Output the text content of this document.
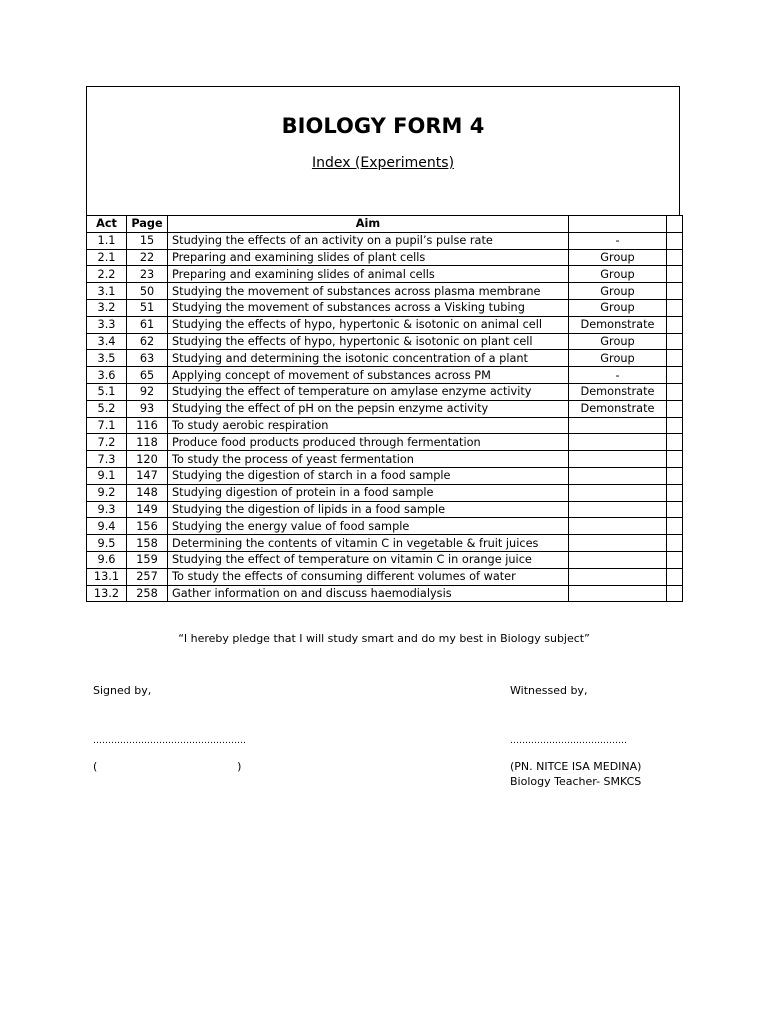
BIOLOGY FORM 4
Index (Experiments)
Act	Page	Aim		
1.1	15	Studying the effects of an activity on a pupil’s pulse rate	-	
2.1	22	Preparing and examining slides of plant cells	Group	
2.2	23	Preparing and examining slides of animal cells	Group	
3.1	50	Studying the movement of substances across plasma membrane	Group	
3.2	51	Studying the movement of substances across a Visking tubing	Group	
3.3	61	Studying the effects of hypo, hypertonic & isotonic on animal cell	Demonstrate	
3.4	62	Studying the effects of hypo, hypertonic & isotonic on plant cell	Group	
3.5	63	Studying and determining the isotonic concentration of a plant	Group	
3.6	65	Applying concept of movement of substances across PM	-	
5.1	92	Studying the effect of temperature on amylase enzyme activity	Demonstrate	
5.2	93	Studying the effect of pH on the pepsin enzyme activity	Demonstrate	
7.1	116	To study aerobic respiration		
7.2	118	Produce food products produced through fermentation		
7.3	120	To study the process of yeast fermentation		
9.1	147	Studying the digestion of starch in a food sample		
9.2	148	Studying digestion of protein in a food sample		
9.3	149	Studying the digestion of lipids in a food sample		
9.4	156	Studying the energy value of food sample		
9.5	158	Determining the contents of vitamin C in vegetable & fruit juices		
9.6	159	Studying the effect of temperature on vitamin C in orange juice		
13.1	257	To study the effects of consuming different volumes of water		
13.2	258	Gather information on and discuss haemodialysis		
“I hereby pledge that I will study smart and do my best in Biology subject”
Signed by,	Witnessed by,
……………………………………………	…………………………………
(                                        )	(PN. NITCE ISA MEDINA)
Biology Teacher- SMKCS
